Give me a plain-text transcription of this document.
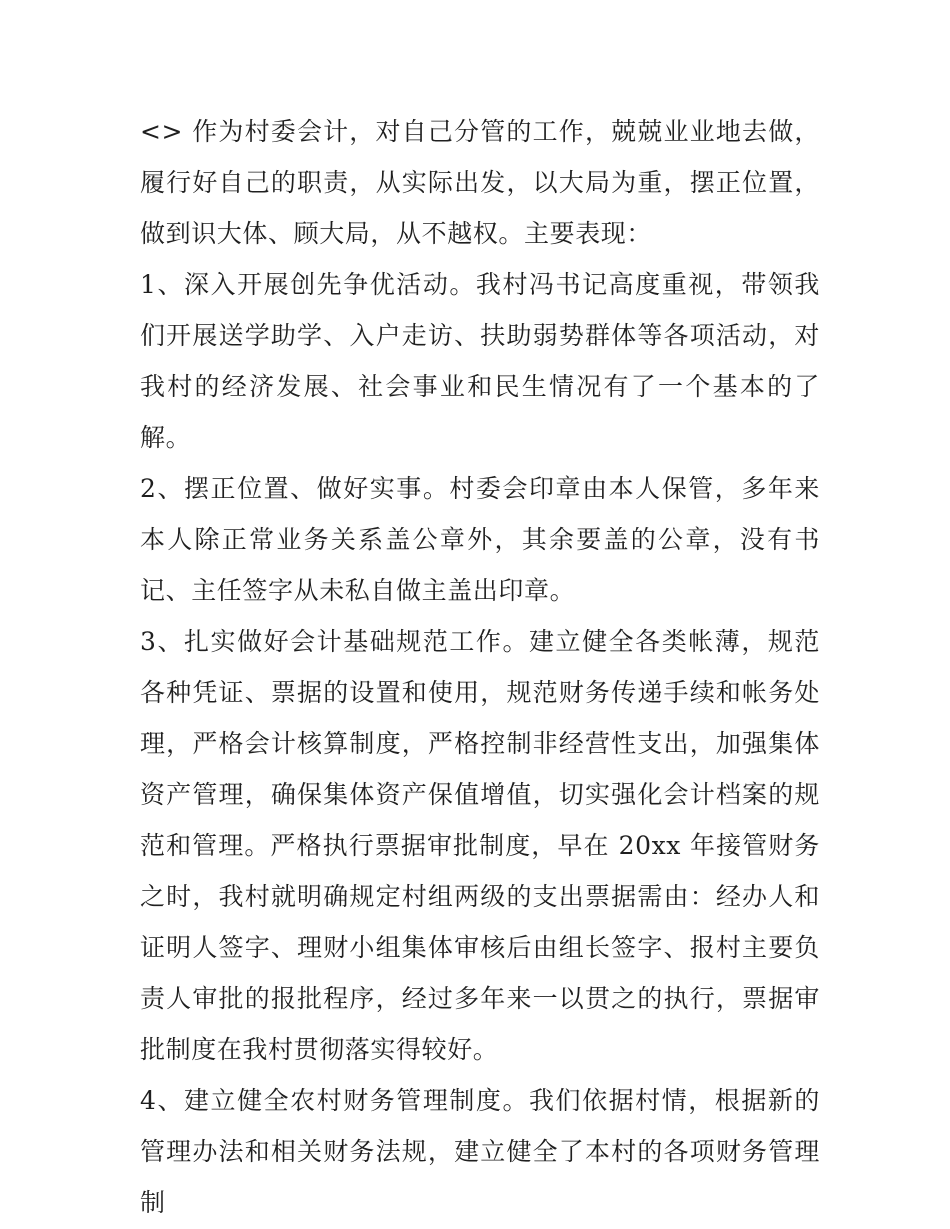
<> 作为村委会计，对自己分管的工作，兢兢业业地去做，履行好自己的职责，从实际出发，以大局为重，摆正位置，做到识大体、顾大局，从不越权。主要表现：

1、深入开展创先争优活动。我村冯书记高度重视，带领我们开展送学助学、入户走访、扶助弱势群体等各项活动，对我村的经济发展、社会事业和民生情况有了一个基本的了解。

2、摆正位置、做好实事。村委会印章由本人保管，多年来本人除正常业务关系盖公章外，其余要盖的公章，没有书记、主任签字从未私自做主盖出印章。

3、扎实做好会计基础规范工作。建立健全各类帐薄，规范各种凭证、票据的设置和使用，规范财务传递手续和帐务处理，严格会计核算制度，严格控制非经营性支出，加强集体资产管理，确保集体资产保值增值，切实强化会计档案的规范和管理。严格执行票据审批制度，早在 20xx 年接管财务之时，我村就明确规定村组两级的支出票据需由：经办人和证明人签字、理财小组集体审核后由组长签字、报村主要负责人审批的报批程序，经过多年来一以贯之的执行，票据审批制度在我村贯彻落实得较好。

4、建立健全农村财务管理制度。我们依据村情，根据新的管理办法和相关财务法规，建立健全了本村的各项财务管理制
